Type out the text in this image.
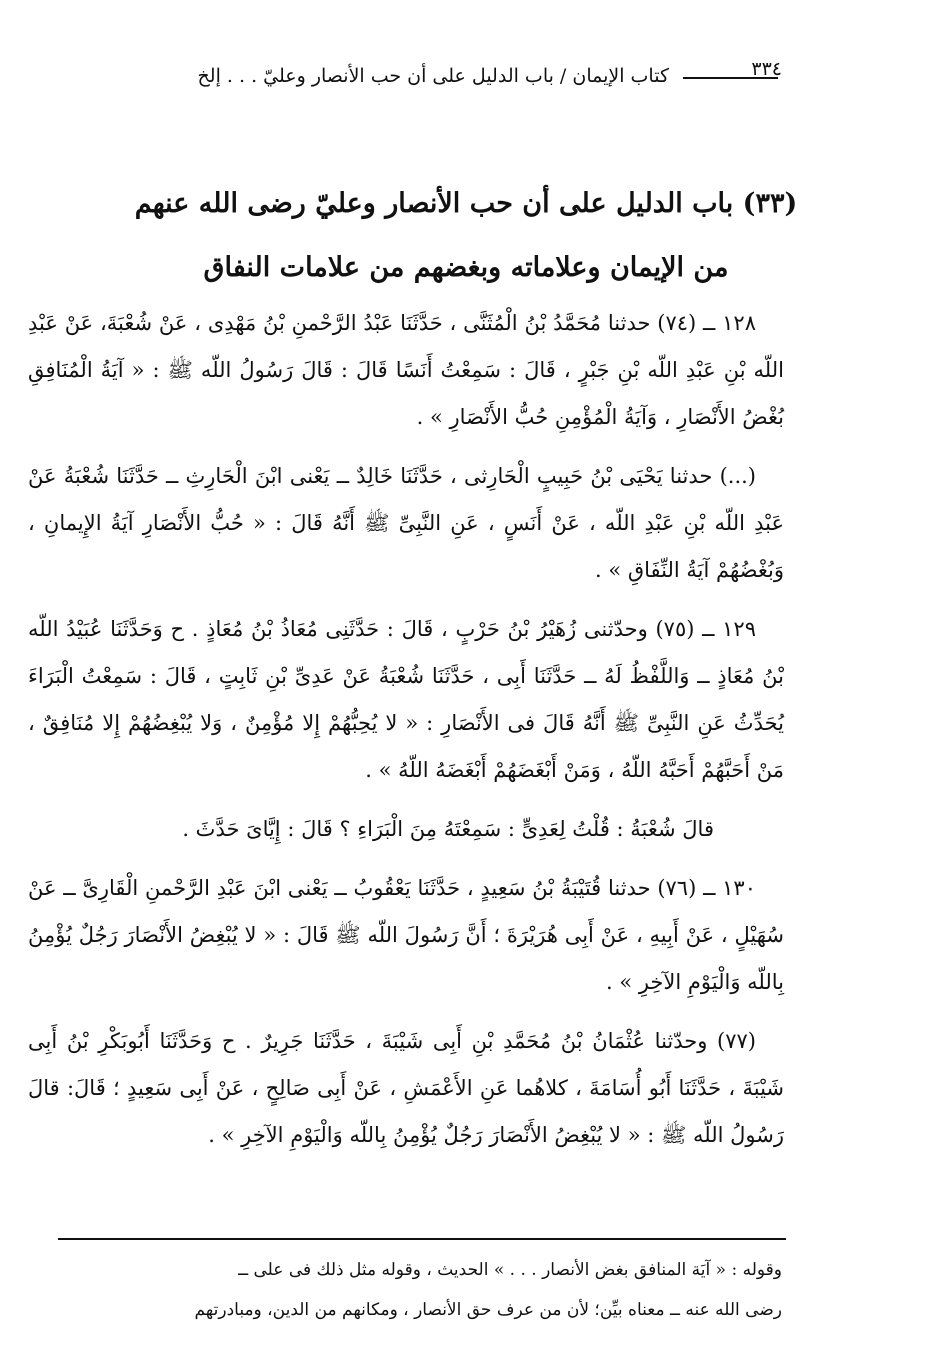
٣٣٤
كتاب الإيمان / باب الدليل على أن حب الأنصار وعليّ . . . إلخ
(٣٣) باب الدليل على أن حب الأنصار وعليّ رضى الله عنهم
من الإيمان وعلاماته وبغضهم من علامات النفاق

١٢٨ ــ (٧٤) حدثنا مُحَمَّدُ بْنُ الْمُثَنَّى ، حَدَّثَنَا عَبْدُ الرَّحْمنِ بْنُ مَهْدِى ، عَنْ شُعْبَةَ، عَنْ عَبْدِ اللّه بْنِ عَبْدِ اللّه بْنِ جَبْرٍ ، قَالَ : سَمِعْتُ أَنَسًا قَالَ : قَالَ رَسُولُ اللّه ﷺ : « آيَةُ الْمُنَافِقِ بُغْضُ الأَنْصَارِ ، وَآيَةُ الْمُؤْمِنِ حُبُّ الأَنْصَارِ » .

(...) حدثنا يَحْيَى بْنُ حَبِيبٍ الْحَارِثى ، حَدَّثَنَا خَالِدٌ ــ يَعْنى ابْنَ الْحَارِثِ ــ حَدَّثَنَا شُعْبَةُ عَنْ عَبْدِ اللّه بْنِ عَبْدِ اللّه ، عَنْ أَنَسٍ ، عَنِ النَّبِىِّ ﷺ أَنَّهُ قَالَ : « حُبُّ الأَنْصَارِ آيَةُ الإِيمانِ ، وَبُغْضُهُمْ آيَةُ النِّفَاقِ » .

١٢٩ ــ (٧٥) وحدّثنى زُهَيْرُ بْنُ حَرْبٍ ، قَالَ : حَدَّثَنِى مُعَاذُ بْنُ مُعَاذٍ . ح وَحَدَّثَنَا عُبَيْدُ اللّه بْنُ مُعَاذٍ ــ وَاللَّفْظُ لَهُ ــ حَدَّثَنَا أَبِى ، حَدَّثَنَا شُعْبَةُ عَنْ عَدِىِّ بْنِ ثَابِتٍ ، قَالَ : سَمِعْتُ الْبَرَاءَ يُحَدِّثُ عَنِ النَّبِىِّ ﷺ أَنَّهُ قَالَ فى الأَنْصَارِ : « لا يُحِبُّهُمْ إِلا مُؤْمِنٌ ، وَلا يُبْغِضُهُمْ إِلا مُنَافِقٌ ، مَنْ أَحَبَّهُمْ أَحَبَّهُ اللّهُ ، وَمَنْ أَبْغَضَهُمْ أَبْغَضَهُ اللّهُ » .

قالَ شُعْبَةُ : قُلْتُ لِعَدِىٍّ : سَمِعْتَهُ مِنَ الْبَرَاءِ ؟ قَالَ : إِيَّاىَ حَدَّثَ .

١٣٠ ــ (٧٦) حدثنا قُتَيْبَةُ بْنُ سَعِيدٍ ، حَدَّثَنَا يَعْقُوبُ ــ يَعْنى ابْنَ عَبْدِ الرَّحْمنِ الْقَارِىَّ ــ عَنْ سُهَيْلٍ ، عَنْ أَبِيهِ ، عَنْ أَبِى هُرَيْرَةَ ؛ أَنَّ رَسُولَ اللّه ﷺ قَالَ : « لا يُبْغِضُ الأَنْصَارَ رَجُلٌ يُؤْمِنُ بِاللّه وَالْيَوْمِ الآخِرِ » .

(٧٧) وحدّثنا عُثْمَانُ بْنُ مُحَمَّدِ بْنِ أَبِى شَيْبَةَ ، حَدَّثَنَا جَرِيرٌ . ح وَحَدَّثَنَا أَبُوبَكْرِ بْنُ أَبِى شَيْبَةَ ، حَدَّثَنَا أَبُو أُسَامَةَ ، كلاهُما عَنِ الأَعْمَشِ ، عَنْ أَبِى صَالِحٍ ، عَنْ أَبِى سَعِيدٍ ؛ قَالَ: قالَ رَسُولُ اللّه ﷺ : « لا يُبْغِضُ الأَنْصَارَ رَجُلٌ يُؤْمِنُ بِاللّه وَالْيَوْمِ الآخِرِ » .

وقوله : « آيَة المنافق بغض الأنصار . . . » الحديث ، وقوله مثل ذلك فى على ــ

رضى الله عنه ــ معناه بيِّن؛ لأن من عرف حق الأنصار ، ومكانهم من الدين، ومبادرتهم
